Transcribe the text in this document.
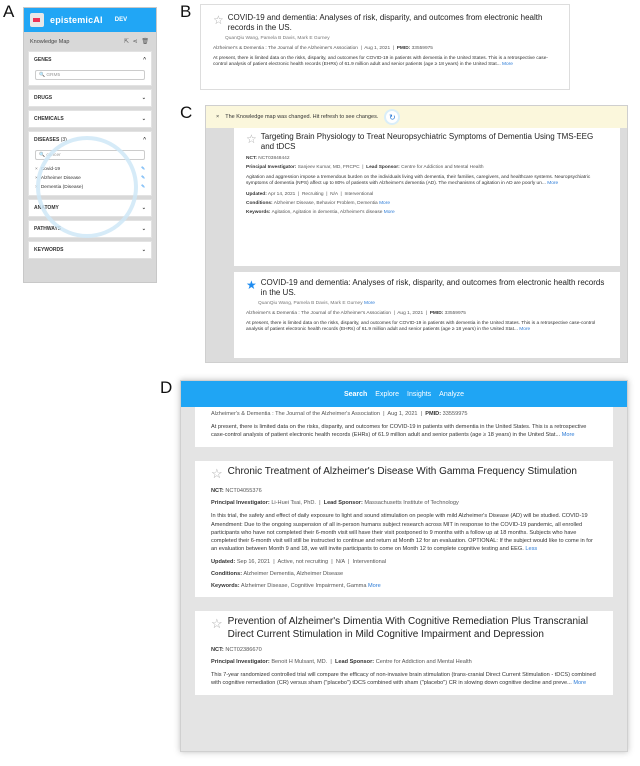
A	B
C
D
epistemicAI DEV
Knowledge Map	⇱ ⋖ 🗑
GENES	^
🔍 GRM5
DRUGS	⌄
CHEMICALS	⌄
DISEASES (3)	^
🔍 cancer
× Covid-19	✎
× Alzheimer Disease	✎
× Dementia (Disease)	✎
ANATOMY	⌄
PATHWAYS	⌄
KEYWORDS	⌄
☆ COVID-19 and dementia: Analyses of risk, disparity, and outcomes from electronic health records in the US.
QuanQiu Wang, Pamela B Davis, Mark E Gurney
Alzheimer's & Dementia : The Journal of the Alzheimer's Association  |  Aug 1, 2021  |  PMID: 33559975
At present, there is limited data on the risks, disparity, and outcomes for COVID-19 in patients with dementia in the United States. This is a retrospective case-control analysis of patient electronic health records (EHRs) of 61.9 million adult and senior patients (age ≥ 18 years) in the United Stat... More
☆ Targeting Brain Physiology to Treat Neuropsychiatric Symptoms of Dementia Using TMS-EEG and tDCS
NCT: NCT03848442
Principal Investigator: Sanjeev Kumar, MD, FRCPC  |  Lead Sponsor: Centre for Addiction and Mental Health
Agitation and aggression impose a tremendous burden on the individuals living with dementia, their families, caregivers, and healthcare systems. Neuropsychiatric symptoms of dementia (NPS) affect up to 80% of patients with Alzheimer's dementia (AD). The mechanisms of agitation in AD are poorly un... More
Updated: Apr 14, 2021  |  Recruiting  |  N/A  |  Interventional
Conditions: Alzheimer Disease, Behavior Problem, Dementia More
Keywords: Agitation, Agitation in dementia, Alzheimer's disease More
★ COVID-19 and dementia: Analyses of risk, disparity, and outcomes from electronic health records in the US.
QuanQiu Wang, Pamela B Davis, Mark E Gurney More
Alzheimer's & Dementia : The Journal of the Alzheimer's Association  |  Aug 1, 2021  |  PMID: 33559975
At present, there is limited data on the risks, disparity, and outcomes for COVID-19 in patients with dementia in the United States. This is a retrospective case-control analysis of patient electronic health records (EHRs) of 61.9 million adult and senior patients (age ≥ 18 years) in the United Stat... More
× The Knowledge map was changed. Hit refresh to see changes.	↻
Search Explore Insights Analyze
Alzheimer's & Dementia : The Journal of the Alzheimer's Association  |  Aug 1, 2021  |  PMID: 33559975
At present, there is limited data on the risks, disparity, and outcomes for COVID-19 in patients with dementia in the United States. This is a retrospective case-control analysis of patient electronic health records (EHRs) of 61.9 million adult and senior patients (age ≥ 18 years) in the United Stat... More
☆ Chronic Treatment of Alzheimer's Disease With Gamma Frequency Stimulation
NCT: NCT04055376
Principal Investigator: Li-Huei Tsai, PhD.  |  Lead Sponsor: Massachusetts Institute of Technology
In this trial, the safety and effect of daily exposure to light and sound stimulation on people with mild Alzheimer's Disease (AD) will be studied. COVID-19 Amendment: Due to the ongoing suspension of all in-person humans subject research across MIT in response to the COVID-19 pandemic, all enrolled participants who have not completed their 6-month visit will have their visit postponed to 9 months with a follow up at 18 months. Subjects who have completed their 6-month visit will still be instructed to continue and return at Month 12 for an evaluation. OPTIONAL: If the subject would like to come in for an evaluation between Month 9 and 18, we will invite participants to come on Month 12 to complete cognitive testing and EEG. Less
Updated: Sep 16, 2021  |  Active, not recruiting  |  N/A  |  Interventional
Conditions: Alzheimer Dementia, Alzheimer Disease
Keywords: Alzheimer Disease, Cognitive Impairment, Gamma More
☆ Prevention of Alzheimer's Dimentia With Cognitive Remediation Plus Transcranial Direct Current Stimulation in Mild Cognitive Impairment and Depression
NCT: NCT02386670
Principal Investigator: Benoit H Mulsant, MD.  |  Lead Sponsor: Centre for Addiction and Mental Health
This 7-year randomized controlled trial will compare the efficacy of non-invasive brain stimulation (trans-cranial Direct Current Stimulation - tDCS) combined with cognitive remediation (CR) versus sham ("placebo") tDCS combined with sham ("placebo") CR in slowing down cognitive decline and preve... More
